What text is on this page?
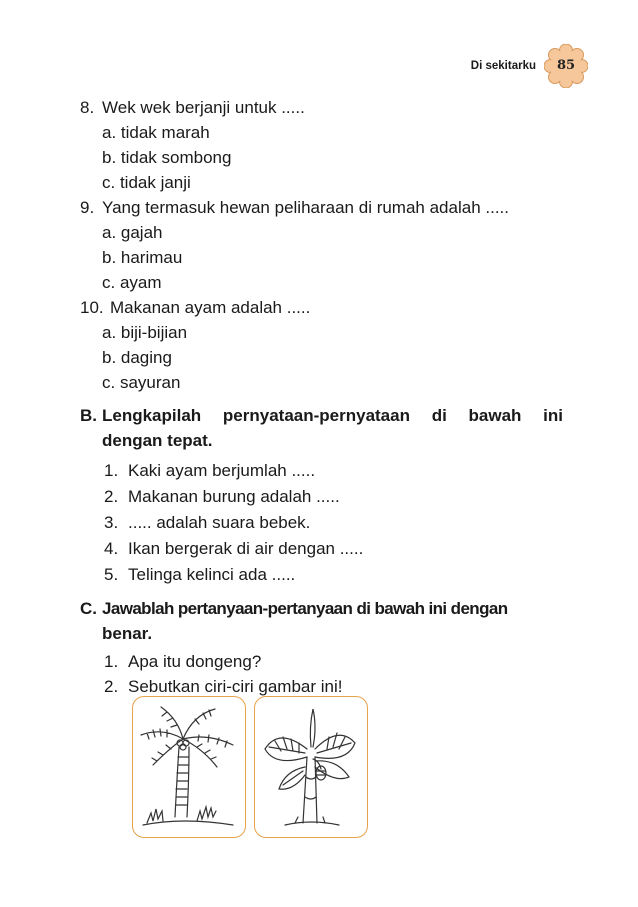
Di sekitarku	85
8. Wek wek berjanji untuk .....
a. tidak marah
b. tidak sombong
c. tidak janji
9. Yang termasuk hewan peliharaan di rumah adalah .....
a. gajah
b. harimau
c. ayam
10. Makanan ayam adalah .....
a. biji-bijian
b. daging
c. sayuran
B. Lengkapilah pernyataan-pernyataan di bawah ini
dengan tepat.
1. Kaki ayam berjumlah .....
2. Makanan burung adalah .....
3. ..... adalah suara bebek.
4. Ikan bergerak di air dengan .....
5. Telinga kelinci ada .....
C. Jawablah pertanyaan-pertanyaan di bawah ini dengan
benar.
1. Apa itu dongeng?
2. Sebutkan ciri-ciri gambar ini!
